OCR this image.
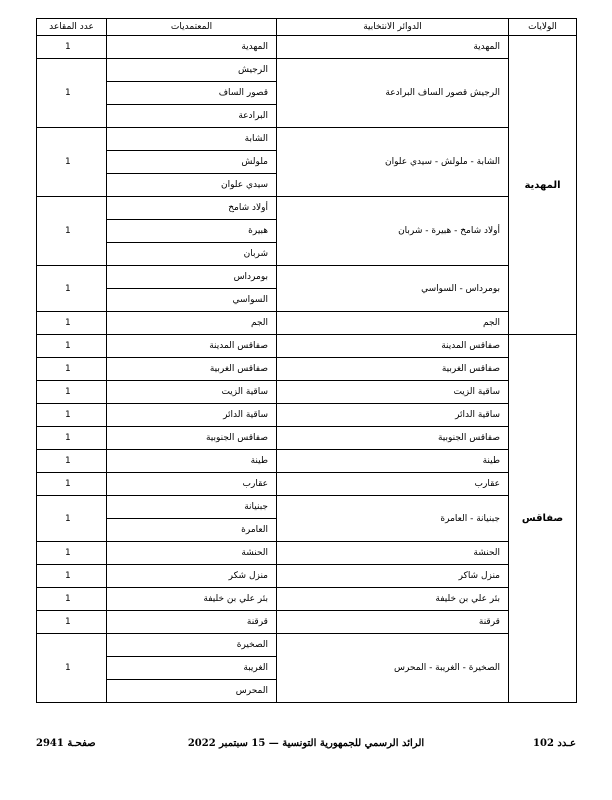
الولايات	الدوائر الانتخابية	المعتمديات	عدد المقاعد
المهدية	المهدية	المهدية	1
	الرجيش قصور الساف البرادعة	الرجيش
قصور الساف
البرادعة	1
	الشابة - ملولش - سيدي علوان	الشابة
ملولش
سيدي علوان	1
	أولاد شامخ - هبيرة - شربان	أولاد شامخ
هبيرة
شربان	1
	بومرداس - السواسي	بومرداس
السواسي	1
	الجم	الجم	1
صفاقس	صفاقس المدينة	صفاقس المدينة	1
	صفاقس الغربية	صفاقس الغربية	1
	ساقية الزيت	ساقية الزيت	1
	ساقية الدائر	ساقية الدائر	1
	صفاقس الجنوبية	صفاقس الجنوبية	1
	طينة	طينة	1
	عقارب	عقارب	1
	جبنيانة - العامرة	جبنيانة
العامرة	1
	الحنشة	الحنشة	1
	منزل شاكر	منزل شكر	1
	بئر علي بن خليفة	بئر علي بن خليفة	1
	قرقنة	قرقنة	1
	الصخيرة - الغريبة - المحرس	الصخيرة
الغريبة
المحرس	1
صفحـة 2941	الرائد الرسمي للجمهورية التونسية — 15 سبتمبر 2022	عـدد 102
